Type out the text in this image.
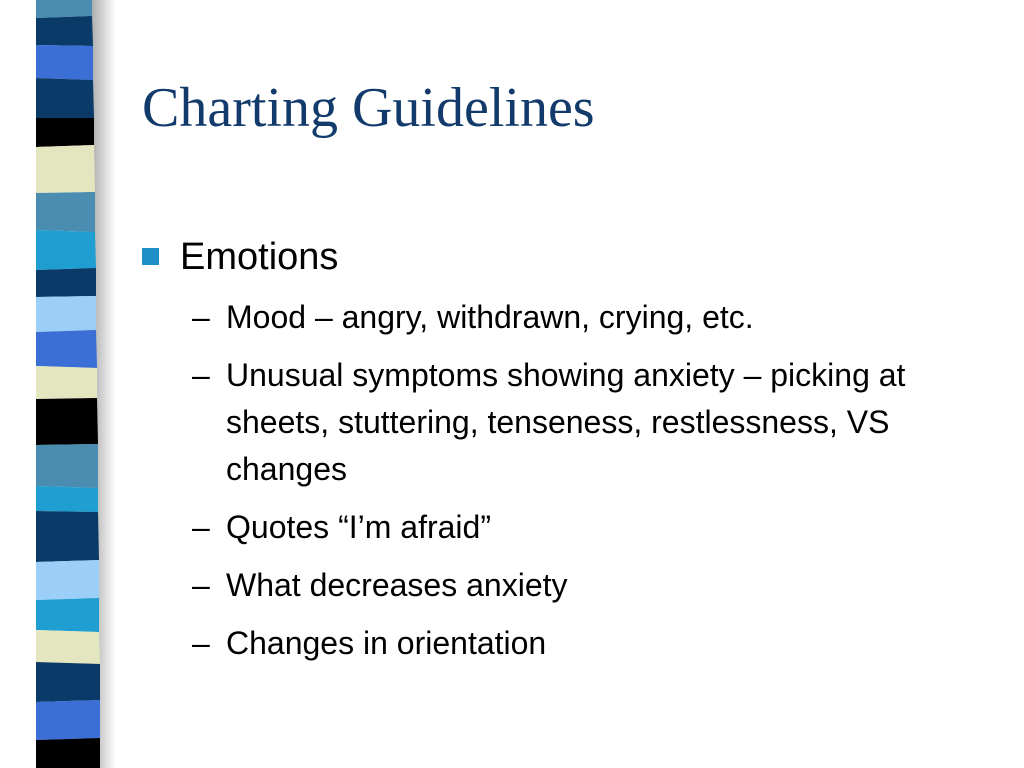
Charting Guidelines
Emotions
– Mood – angry, withdrawn, crying, etc.
– Unusual symptoms showing anxiety – picking at sheets, stuttering, tenseness, restlessness, VS changes
– Quotes “I’m afraid”
– What decreases anxiety
– Changes in orientation
